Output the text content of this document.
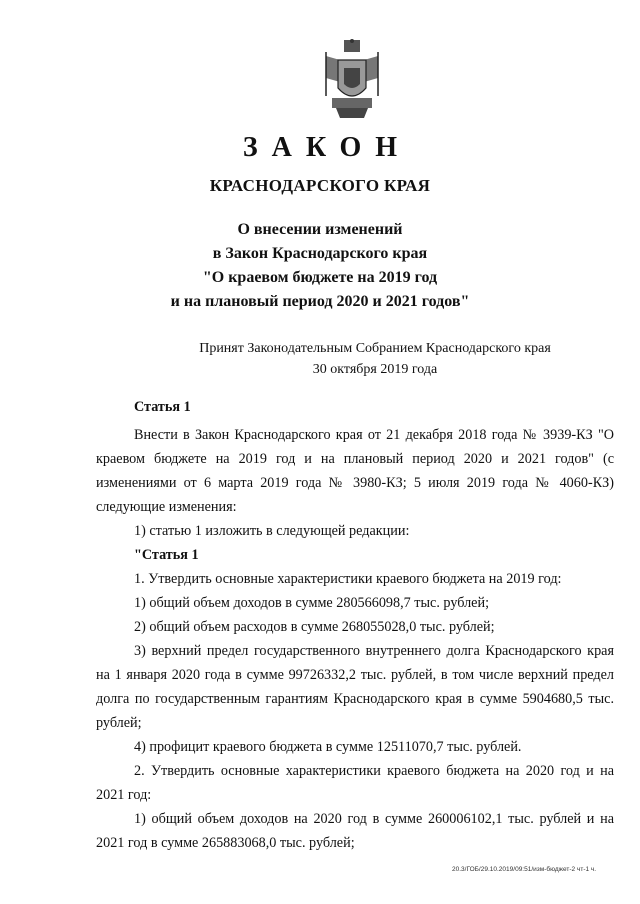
ЗАКОН
КРАСНОДАРСКОГО КРАЯ
О внесении изменений
в Закон Краснодарского края
"О краевом бюджете на 2019 год
и на плановый период 2020 и 2021 годов"
Принят Законодательным Собранием Краснодарского края
30 октября 2019 года

Статья 1

Внести в Закон Краснодарского края от 21 декабря 2018 года № 3939-КЗ "О краевом бюджете на 2019 год и на плановый период 2020 и 2021 годов" (с изменениями от 6 марта 2019 года № 3980-КЗ; 5 июля 2019 года № 4060-КЗ) следующие изменения:

1) статью 1 изложить в следующей редакции:

"Статья 1

1. Утвердить основные характеристики краевого бюджета на 2019 год:

1) общий объем доходов в сумме 280566098,7 тыс. рублей;

2) общий объем расходов в сумме 268055028,0 тыс. рублей;

3) верхний предел государственного внутреннего долга Краснодарского края на 1 января 2020 года в сумме 99726332,2 тыс. рублей, в том числе верхний предел долга по государственным гарантиям Краснодарского края в сумме 5904680,5 тыс. рублей;

4) профицит краевого бюджета в сумме 12511070,7 тыс. рублей.

2. Утвердить основные характеристики краевого бюджета на 2020 год и на 2021 год:

1) общий объем доходов на 2020 год в сумме 260006102,1 тыс. рублей и на 2021 год в сумме 265883068,0 тыс. рублей;

20.3/ГОБ/29.10.2019/09:51/изм-бюджет-2 чт-1 ч.
